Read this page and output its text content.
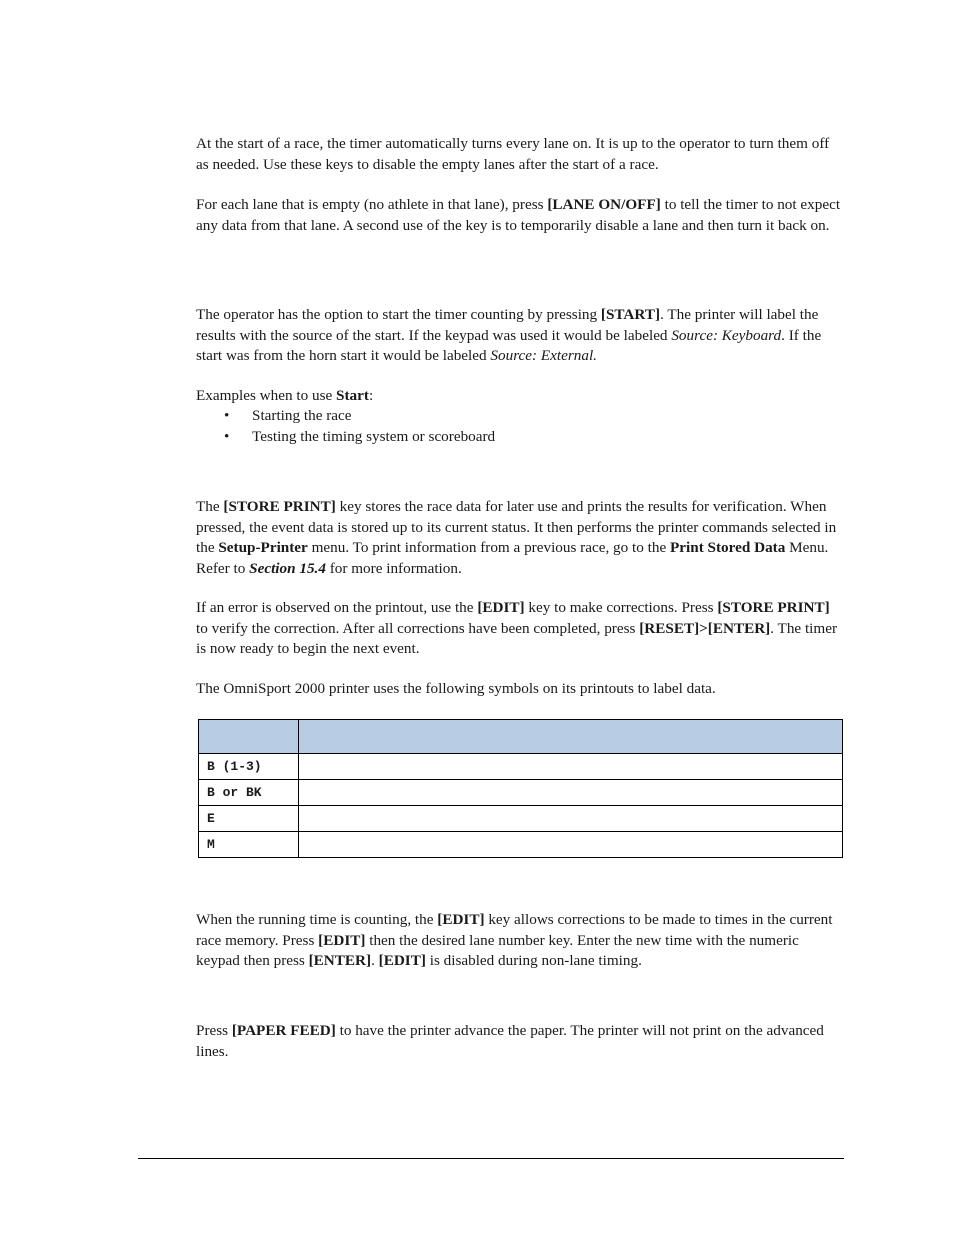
At the start of a race, the timer automatically turns every lane on. It is up to the operator to turn them off as needed. Use these keys to disable the empty lanes after the start of a race.

For each lane that is empty (no athlete in that lane), press [LANE ON/OFF] to tell the timer to not expect any data from that lane. A second use of the key is to temporarily disable a lane and then turn it back on.

The operator has the option to start the timer counting by pressing [START]. The printer will label the results with the source of the start. If the keypad was used it would be labeled Source: Keyboard. If the start was from the horn start it would be labeled Source: External.

Examples when to use Start:

• Starting the race
• Testing the timing system or scoreboard

The [STORE PRINT] key stores the race data for later use and prints the results for verification. When pressed, the event data is stored up to its current status. It then performs the printer commands selected in the Setup-Printer menu. To print information from a previous race, go to the Print Stored Data Menu. Refer to Section 15.4 for more information.

If an error is observed on the printout, use the [EDIT] key to make corrections. Press [STORE PRINT] to verify the correction. After all corrections have been completed, press [RESET]>[ENTER]. The timer is now ready to begin the next event.

The OmniSport 2000 printer uses the following symbols on its printouts to label data.

B (1-3)	
B or BK	
E	
M	

When the running time is counting, the [EDIT] key allows corrections to be made to times in the current race memory. Press [EDIT] then the desired lane number key. Enter the new time with the numeric keypad then press [ENTER]. [EDIT] is disabled during non-lane timing.

Press [PAPER FEED] to have the printer advance the paper. The printer will not print on the advanced lines.
